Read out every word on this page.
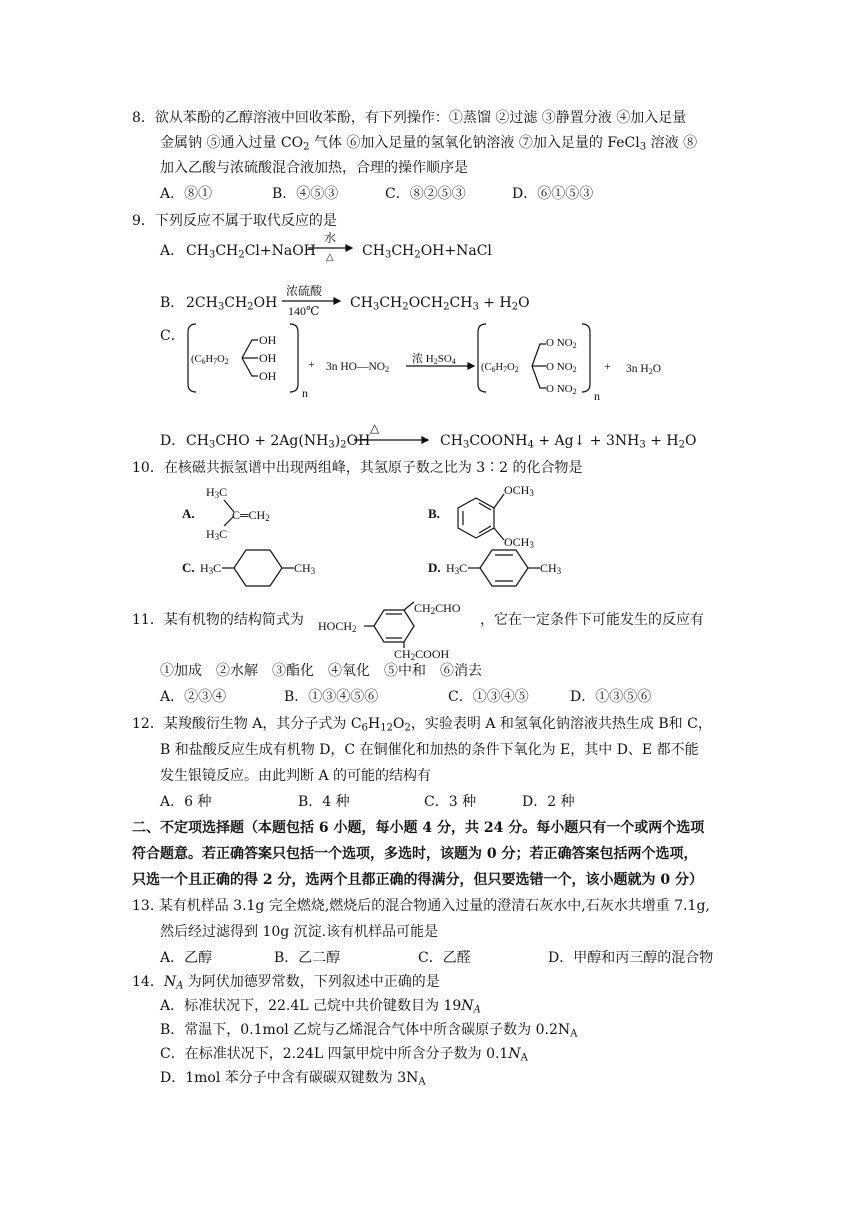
8．欲从苯酚的乙醇溶液中回收苯酚，有下列操作：①蒸馏 ②过滤 ③静置分液 ④加入足量
金属钠 ⑤通入过量 $CO_2$ 气体 ⑥加入足量的氢氧化钠溶液 ⑦加入足量的 FeCl$_3$ 溶液 ⑧
加入乙酸与浓硫酸混合液加热，合理的操作顺序是
A．⑧①	B．④⑤③	C．⑧②⑤③	D．⑥①⑤③
9．下列反应不属于取代反应的是
A． $CH_3CH_2Cl+NaOH$
水
△ $CH_3CH_2OH+NaCl$
B． $2CH_3CH_2OH$
浓硫酸
140℃ $CH_3CH_2OCH_2CH_3 + H_2O$
C．
(C6H7O2
OH
OH
OH
n
+ 3n HO—NO2
浓 H2SO4
(C6H7O2
O NO2
O NO2
O NO2 n
+ 3n H2O
D． $CH_3CHO + 2Ag(NH_3)_2OH$
△
$CH_3COONH_4$ + Ag↓ + $3NH_3 + H_2O$
10．在核磁共振氢谱中出现两组峰，其氢原子数之比为 3∶2 的化合物是
A.
H3C
H3C
C═CH2	B.
OCH3
OCH3
C. H3C	CH3	D. H3C	CH3
11．某有机物的结构简式为 HOCH2
CH2CHO
CH2COOH
，它在一定条件下可能发生的反应有
①加成　②水解　③酯化　④氧化　⑤中和　⑥消去
A．②③④	B．①③④⑤⑥	C．①③④⑤	D．①③⑤⑥
12．某羧酸衍生物 A，其分子式为 $C_6H_{12}O_2$，实验表明 A 和氢氧化钠溶液共热生成 B和 C，
B 和盐酸反应生成有机物 D，C 在铜催化和加热的条件下氧化为 E，其中 D、E 都不能
发生银镜反应。由此判断 A 的可能的结构有
A．6 种	B．4 种	C．3 种	D．2 种
二、不定项选择题（本题包括 6 小题，每小题 4 分，共 24 分。每小题只有一个或两个选项
符合题意。若正确答案只包括一个选项，多选时，该题为 0 分；若正确答案包括两个选项，
只选一个且正确的得 2 分，选两个且都正确的得满分，但只要选错一个，该小题就为 0 分）
13. 某有机样品 3.1g 完全燃烧,燃烧后的混合物通入过量的澄清石灰水中,石灰水共增重 7.1g,
然后经过滤得到 10g 沉淀.该有机样品可能是
A．乙醇	B．乙二醇	C．乙醛	D．甲醇和丙三醇的混合物
14．$N_A$ 为阿伏加德罗常数，下列叙述中正确的是
A．标准状况下，22.4L 己烷中共价键数目为 $19N_A$
B．常温下，0.1mol 乙烷与乙烯混合气体中所含碳原子数为 $0.2N_A$
C．在标准状况下，2.24L 四氯甲烷中所含分子数为 $0.1N_A$
D．1mol 苯分子中含有碳碳双键数为 $3N_A$
